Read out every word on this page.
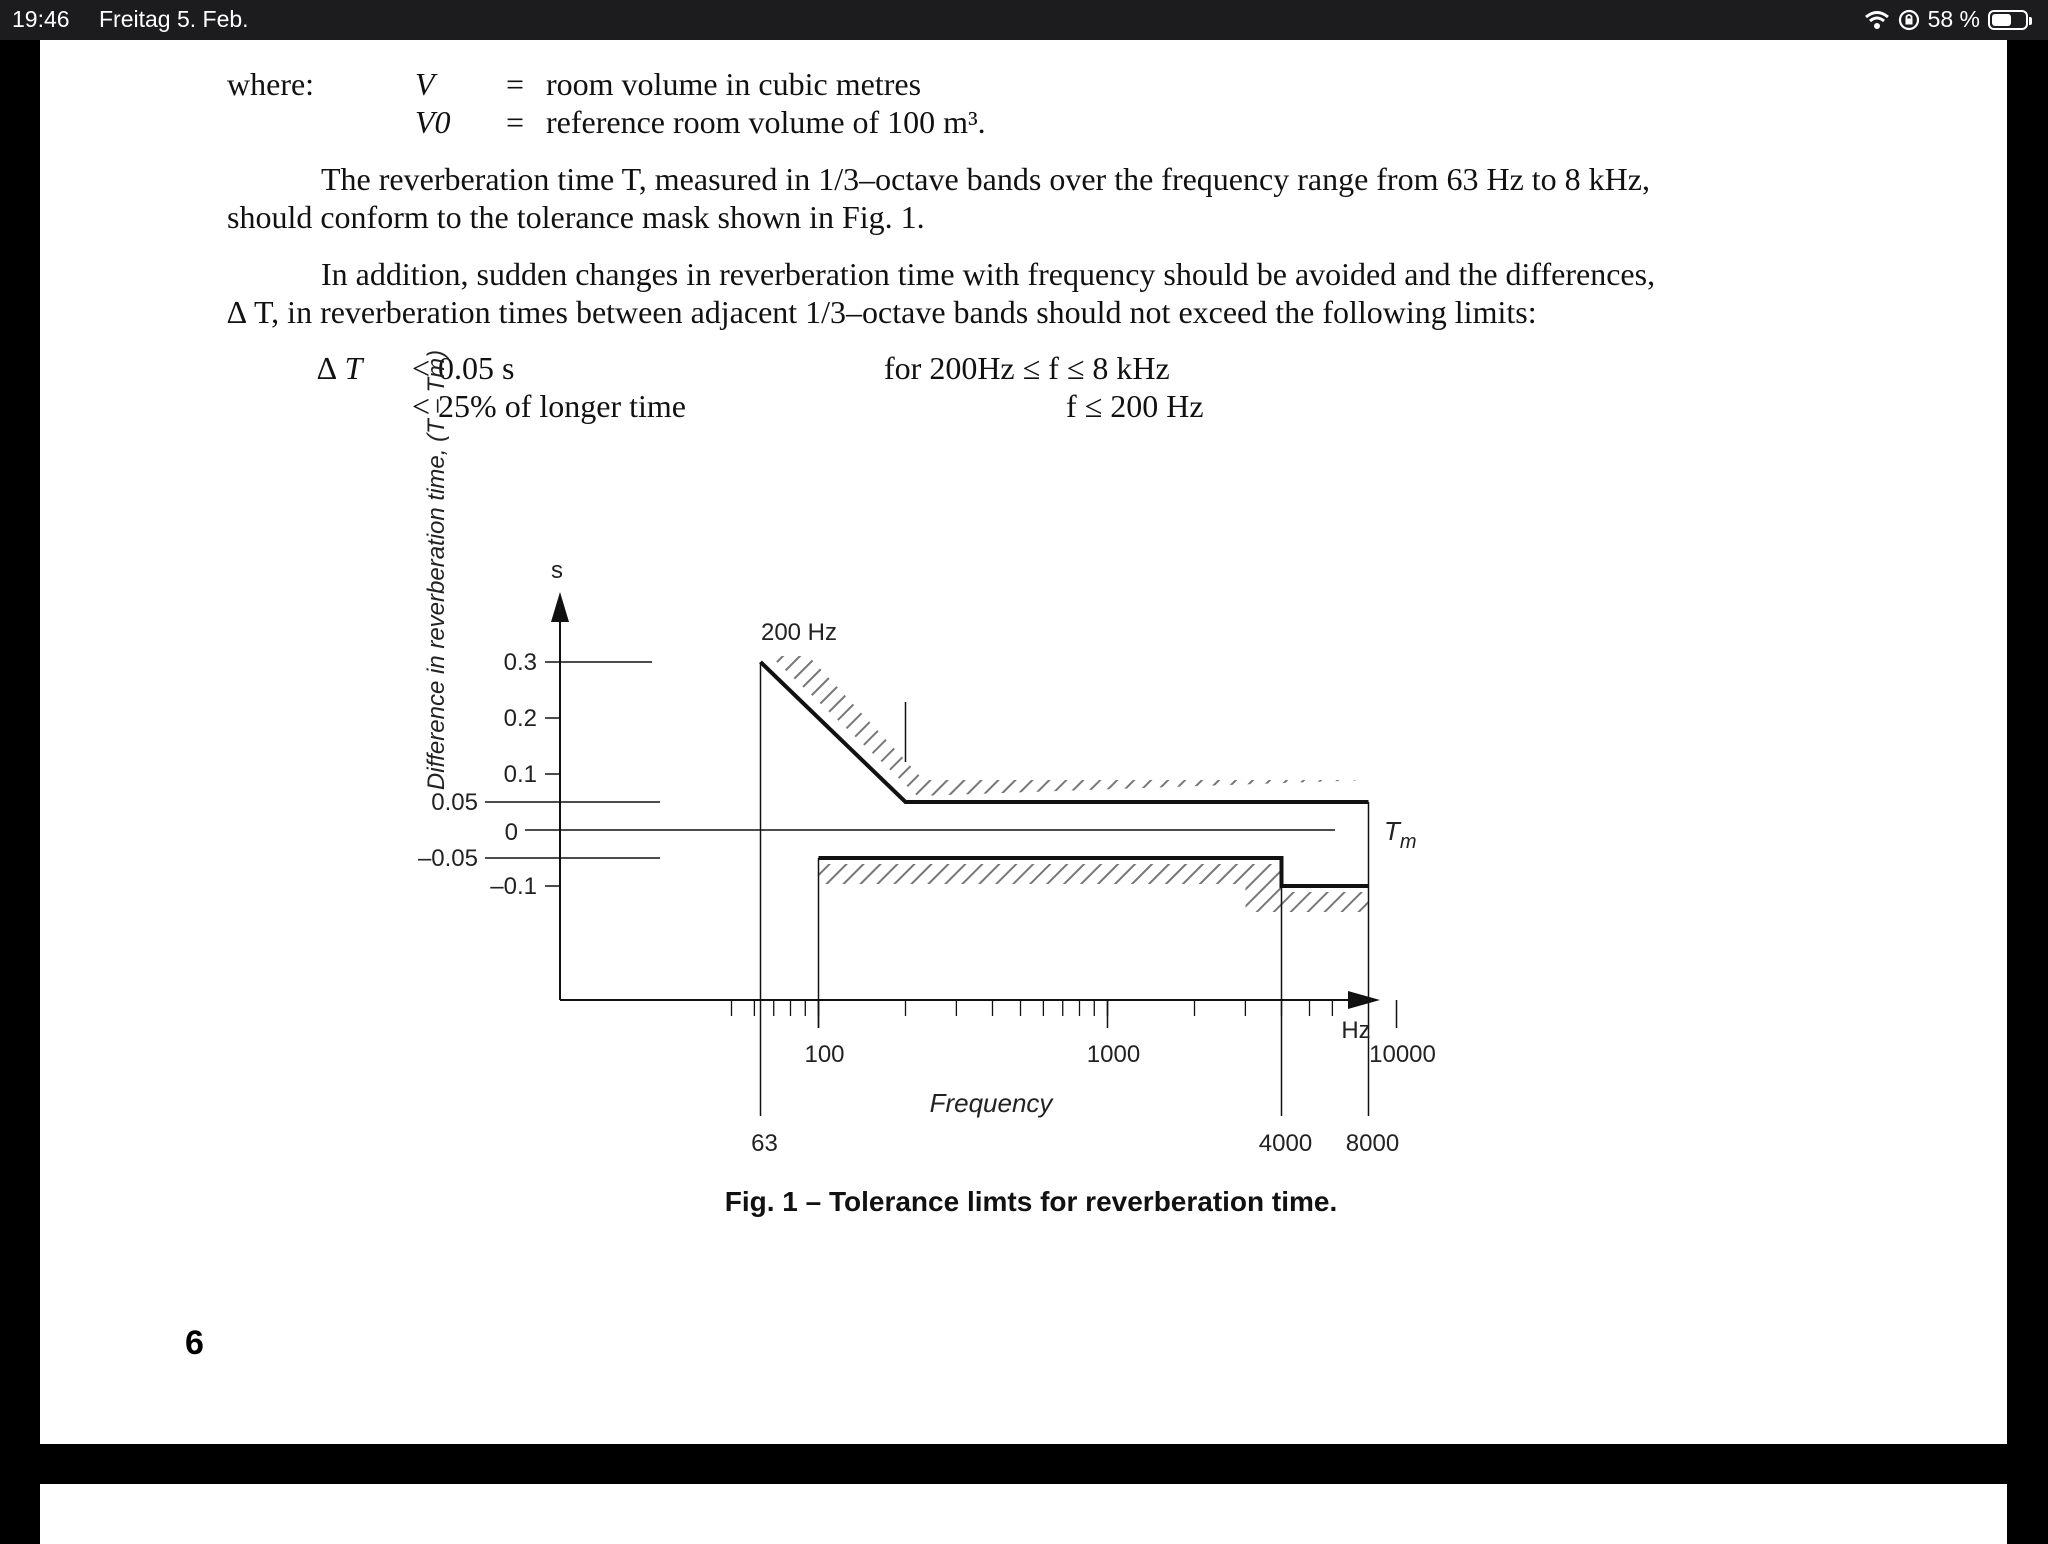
19:46 Freitag 5. Feb.	58 %
where:	V = room volume in cubic metres
V0 = reference room volume of 100 m³.
The reverberation time T, measured in 1/3–octave bands over the frequency range from 63 Hz to 8 kHz,
should conform to the tolerance mask shown in Fig. 1.
In addition, sudden changes in reverberation time with frequency should be avoided and the differences,
∆ T, in reverberation times between adjacent 1/3–octave bands should not exceed the following limits:
∆ T < 0.05 s	for 200Hz ≤ f ≤ 8 kHz
< 25% of longer time	f ≤ 200 Hz
0.3
0.2
0.1
0.05
0
–0.05
–0.1
100	1000	10000
63	4000 8000
Difference in reverberation time, (T – Tm)	s
Hz
Frequency
200 Hz
$T_m$
Fig. 1 – Tolerance limts for reverberation time.
6
